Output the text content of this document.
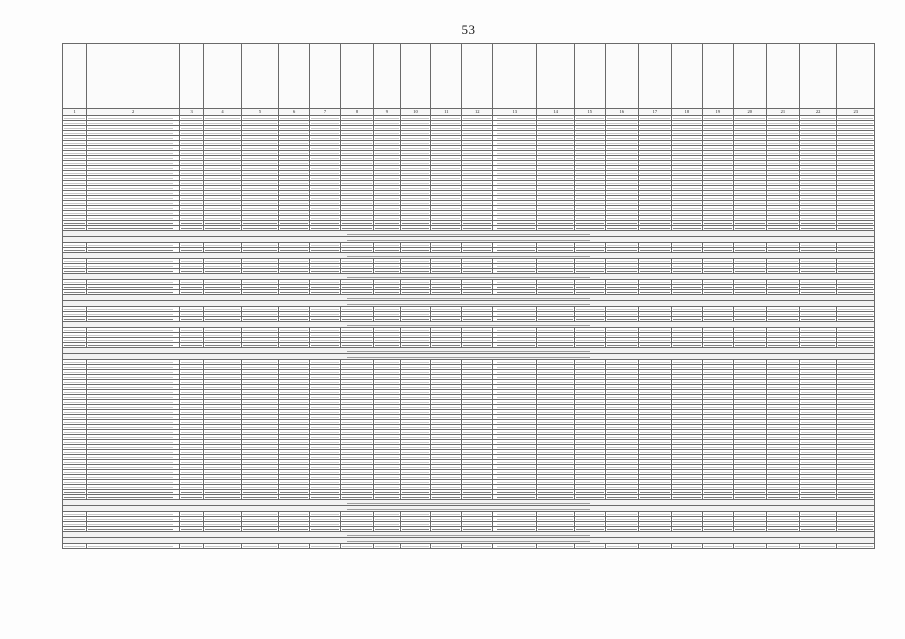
53

1	2	3	4	5	6	7	8	9	10	11	12	13	14	15	16	17	18	19	20	21	22	23
